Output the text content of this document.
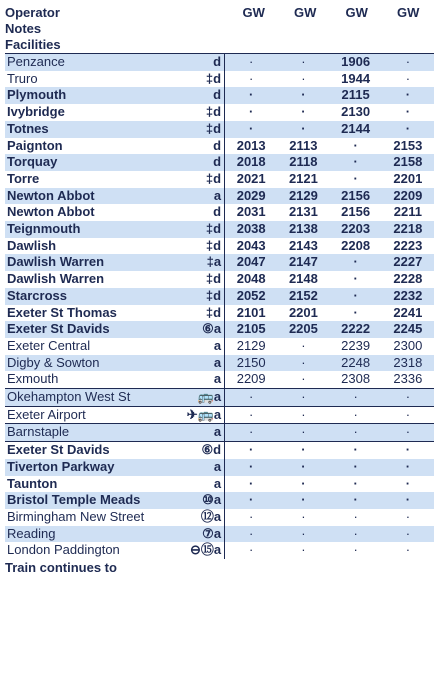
Operator	GW	GW	GW	GW
Notes
Facilities
Penzance d	·	·	1906	·
Truro ‡d	·	·	1944	·
Plymouth d	·	·	2115	·
Ivybridge ‡d	·	·	2130	·
Totnes ‡d	·	·	2144	·
Paignton d	2013	2113	·	2153
Torquay d	2018	2118	·	2158
Torre ‡d	2021	2121	·	2201
Newton Abbot a	2029	2129	2156	2209
Newton Abbot d	2031	2131	2156	2211
Teignmouth ‡d	2038	2138	2203	2218
Dawlish ‡d	2043	2143	2208	2223
Dawlish Warren ‡a	2047	2147	·	2227
Dawlish Warren ‡d	2048	2148	·	2228
Starcross ‡d	2052	2152	·	2232
Exeter St Thomas ‡d	2101	2201	·	2241
Exeter St Davids ⑥a	2105	2205	2222	2245
Exeter Central a	2129	·	2239	2300
Digby & Sowton a	2150	·	2248	2318
Exmouth a	2209	·	2308	2336
Okehampton West St 🚌a	·	·	·	·
Exeter Airport ✈🚌a	·	·	·	·
Barnstaple a	·	·	·	·
Exeter St Davids ⑥d	·	·	·	·
Tiverton Parkway a	·	·	·	·
Taunton a	·	·	·	·
Bristol Temple Meads ⑩a	·	·	·	·
Birmingham New Street ⑫a	·	·	·	·
Reading ⑦a	·	·	·	·
London Paddington ⊖⑮a	·	·	·	·
Train continues to
